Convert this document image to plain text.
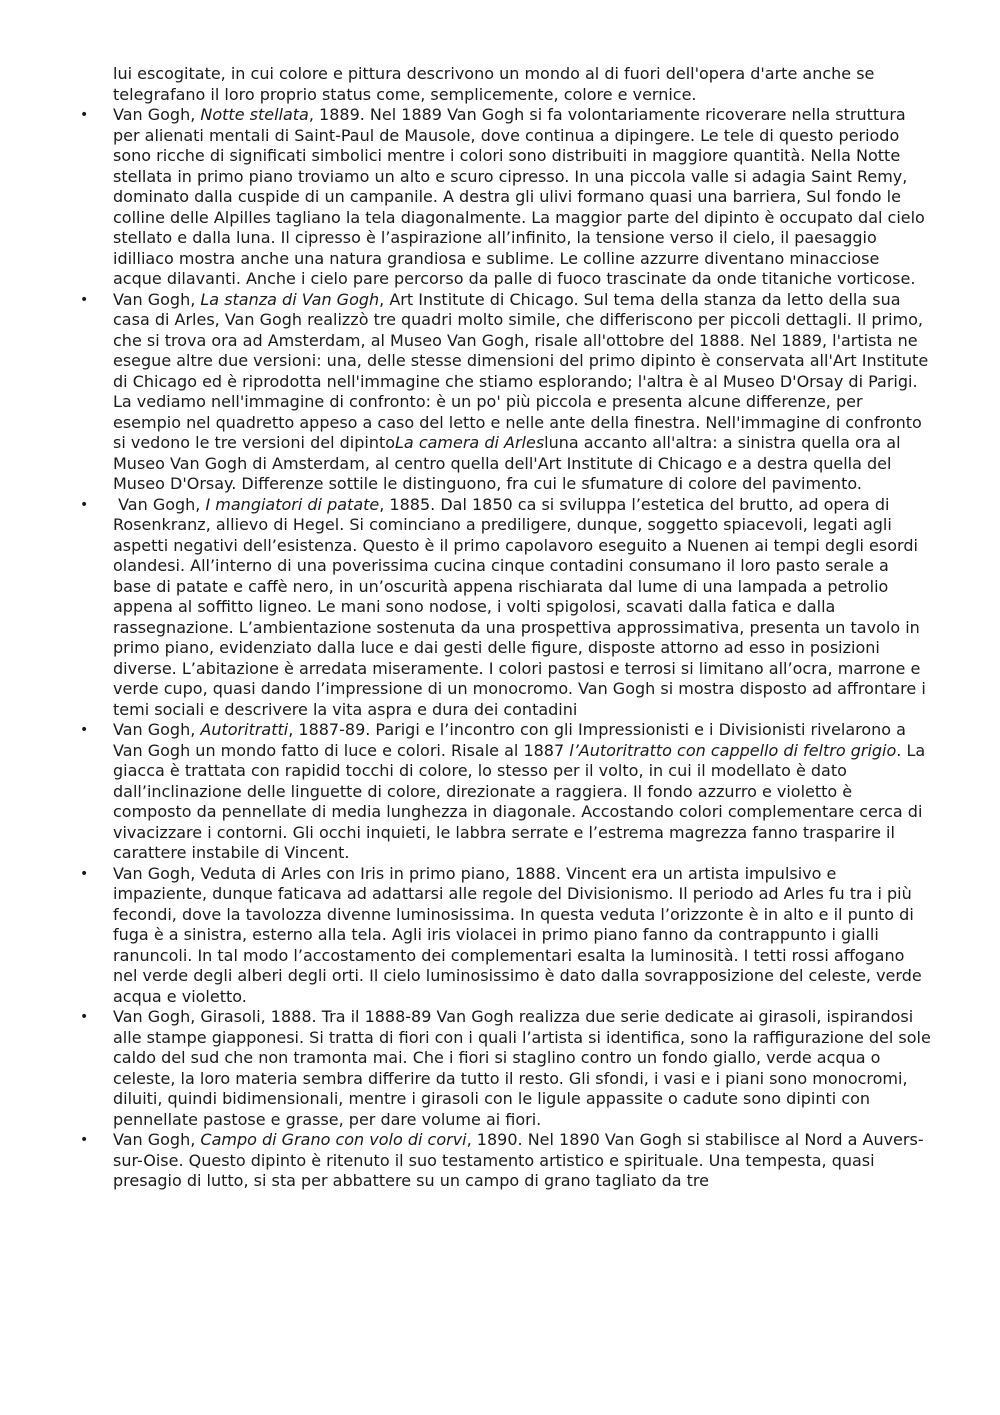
lui escogitate, in cui colore e pittura descrivono un mondo al di fuori dell'opera d'arte anche se telegrafano il loro proprio status come, semplicemente, colore e vernice.

• Van Gogh, Notte stellata, 1889. Nel 1889 Van Gogh si fa volontariamente ricoverare nella struttura per alienati mentali di Saint-Paul de Mausole, dove continua a dipingere. Le tele di questo periodo sono ricche di significati simbolici mentre i colori sono distribuiti in maggiore quantità. Nella Notte stellata in primo piano troviamo un alto e scuro cipresso. In una piccola valle si adagia Saint Remy, dominato dalla cuspide di un campanile. A destra gli ulivi formano quasi una barriera, Sul fondo le colline delle Alpilles tagliano la tela diagonalmente. La maggior parte del dipinto è occupato dal cielo stellato e dalla luna. Il cipresso è l’aspirazione all’infinito, la tensione verso il cielo, il paesaggio idilliaco mostra anche una natura grandiosa e sublime. Le colline azzurre diventano minacciose acque dilavanti. Anche i cielo pare percorso da palle di fuoco trascinate da onde titaniche vorticose.
• Van Gogh, La stanza di Van Gogh, Art Institute di Chicago. Sul tema della stanza da letto della sua casa di Arles, Van Gogh realizzò tre quadri molto simile, che differiscono per piccoli dettagli. Il primo, che si trova ora ad Amsterdam, al Museo Van Gogh, risale all'ottobre del 1888. Nel 1889, l'artista ne esegue altre due versioni: una, delle stesse dimensioni del primo dipinto è conservata all'Art Institute di Chicago ed è riprodotta nell'immagine che stiamo esplorando; l'altra è al Museo D'Orsay di Parigi. La vediamo nell'immagine di confronto: è un po' più piccola e presenta alcune differenze, per esempio nel quadretto appeso a caso del letto e nelle ante della finestra. Nell'immagine di confronto si vedono le tre versioni del dipintoLa camera di Arlesluna accanto all'altra: a sinistra quella ora al Museo Van Gogh di Amsterdam, al centro quella dell'Art Institute di Chicago e a destra quella del Museo D'Orsay. Differenze sottile le distinguono, fra cui le sfumature di colore del pavimento.
• Van Gogh, I mangiatori di patate, 1885. Dal 1850 ca si sviluppa l’estetica del brutto, ad opera di Rosenkranz, allievo di Hegel. Si cominciano a prediligere, dunque, soggetto spiacevoli, legati agli aspetti negativi dell’esistenza. Questo è il primo capolavoro eseguito a Nuenen ai tempi degli esordi olandesi. All’interno di una poverissima cucina cinque contadini consumano il loro pasto serale a base di patate e caffè nero, in un’oscurità appena rischiarata dal lume di una lampada a petrolio appena al soffitto ligneo. Le mani sono nodose, i volti spigolosi, scavati dalla fatica e dalla rassegnazione. L’ambientazione sostenuta da una prospettiva approssimativa, presenta un tavolo in primo piano, evidenziato dalla luce e dai gesti delle figure, disposte attorno ad esso in posizioni diverse. L’abitazione è arredata miseramente. I colori pastosi e terrosi si limitano all’ocra, marrone e verde cupo, quasi dando l’impressione di un monocromo. Van Gogh si mostra disposto ad affrontare i temi sociali e descrivere la vita aspra e dura dei contadini
• Van Gogh, Autoritratti, 1887-89. Parigi e l’incontro con gli Impressionisti e i Divisionisti rivelarono a Van Gogh un mondo fatto di luce e colori. Risale al 1887 l’Autoritratto con cappello di feltro grigio. La giacca è trattata con rapidid tocchi di colore, lo stesso per il volto, in cui il modellato è dato dall’inclinazione delle linguette di colore, direzionate a raggiera. Il fondo azzurro e violetto è composto da pennellate di media lunghezza in diagonale. Accostando colori complementare cerca di vivacizzare i contorni. Gli occhi inquieti, le labbra serrate e l’estrema magrezza fanno trasparire il carattere instabile di Vincent.
• Van Gogh, Veduta di Arles con Iris in primo piano, 1888. Vincent era un artista impulsivo e impaziente, dunque faticava ad adattarsi alle regole del Divisionismo. Il periodo ad Arles fu tra i più fecondi, dove la tavolozza divenne luminosissima. In questa veduta l’orizzonte è in alto e il punto di fuga è a sinistra, esterno alla tela. Agli iris violacei in primo piano fanno da contrappunto i gialli ranuncoli. In tal modo l’accostamento dei complementari esalta la luminosità. I tetti rossi affogano nel verde degli alberi degli orti. Il cielo luminosissimo è dato dalla sovrapposizione del celeste, verde acqua e violetto.
• Van Gogh, Girasoli, 1888. Tra il 1888-89 Van Gogh realizza due serie dedicate ai girasoli, ispirandosi alle stampe giapponesi. Si tratta di fiori con i quali l’artista si identifica, sono la raffigurazione del sole caldo del sud che non tramonta mai. Che i fiori si staglino contro un fondo giallo, verde acqua o celeste, la loro materia sembra differire da tutto il resto. Gli sfondi, i vasi e i piani sono monocromi, diluiti, quindi bidimensionali, mentre i girasoli con le ligule appassite o cadute sono dipinti con pennellate pastose e grasse, per dare volume ai fiori.
• Van Gogh, Campo di Grano con volo di corvi, 1890. Nel 1890 Van Gogh si stabilisce al Nord a Auvers-sur-Oise. Questo dipinto è ritenuto il suo testamento artistico e spirituale. Una tempesta, quasi presagio di lutto, si sta per abbattere su un campo di grano tagliato da tre
